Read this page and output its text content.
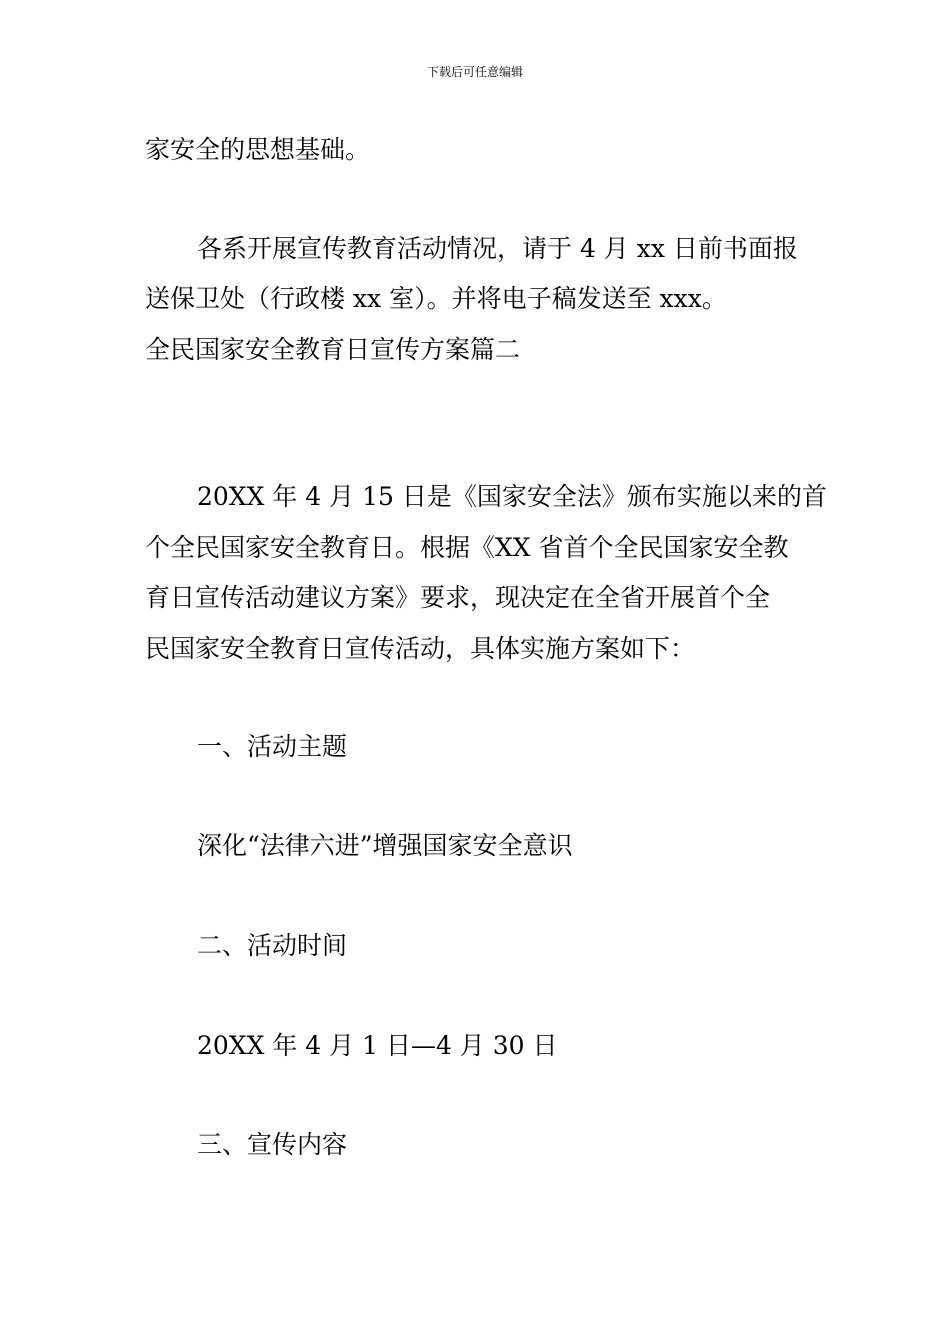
下载后可任意编辑
家安全的思想基础。
各系开展宣传教育活动情况，请于 4 月 xx 日前书面报
送保卫处（行政楼 xx 室）。并将电子稿发送至 xxx。
全民国家安全教育日宣传方案篇二
20XX 年 4 月 15 日是《国家安全法》颁布实施以来的首
个全民国家安全教育日。根据《XX 省首个全民国家安全教
育日宣传活动建议方案》要求，现决定在全省开展首个全
民国家安全教育日宣传活动，具体实施方案如下：
一、活动主题
深化“法律六进”增强国家安全意识
二、活动时间
20XX 年 4 月 1 日—4 月 30 日
三、宣传内容
